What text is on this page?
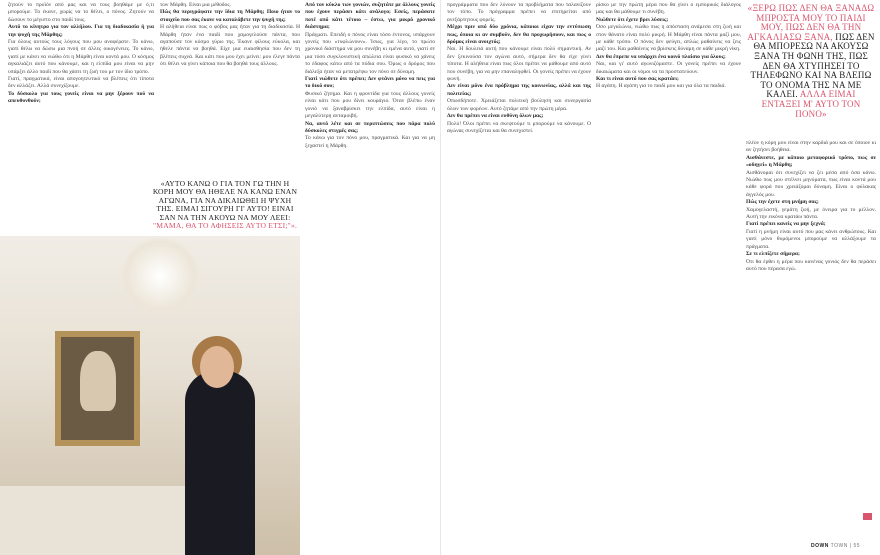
ζητούν το προϊόν από μας και να τους βοηθάμε με ό,τι μπορούμε. Το έκανε, χωρίς να το θέλει, ο πόνος. Ζητούν να δώσουν το μέγιστο στο παιδί τους.

Αυτό το κίνητρο για τον αλλήλου. Για τη διαδικασία ή για την ψυχή της Μάρθης;

Για όλους αυτούς τους λόγους που μου αναφέρατε. Το κάνω, γιατί θέλω να δώσω μια πνοή σε άλλες οικογένειες. Το κάνω, γιατί με κάνει να νιώθω ότι η Μάρθη είναι κοντά μου. Ο κόσμος αγκαλιάζει αυτό που κάνουμε, και η ελπίδα μου είναι να μην υπάρξει άλλο παιδί που θα χάσει τη ζωή του με τον ίδιο τρόπο.

Γιατί, πραγματικά, είναι απογοητευτικό να βλέπεις ότι τίποτα δεν αλλάζει. Αλλά συνεχίζουμε.

Το δύσκολο για τους γονείς είναι να μην ξέρουν πού να απευθυνθούν;

των Μάρθη. Είναι μια μέθοδος.

Πώς θα περιγράφατε την ίδια τη Μάρθη; Ποιο ήταν το στοιχείο που σας έκανε να καταλάβετε την ψυχή της;

Η αλήθεια είναι πως ο φόβος μας ήταν για τη διαδικασία. Η Μάρθη ήταν ένα παιδί που χαμογελούσε πάντα, που αγαπούσε τον κόσμο γύρω της. Έκανε φίλους εύκολα, και ήθελε πάντα να βοηθά. Είχε μια ευαισθησία που δεν τη βλέπεις συχνά. Και κάτι που μου έχει μείνει: μου έλεγε πάντα ότι θέλει να γίνει κάποια που θα βοηθά τους άλλους.

Από τον κύκλο των γονιών, συζητάτε με άλλους γονείς που έχουν περάσει κάτι ανάλογο; Εσείς, περάσατε ποτέ από κάτι τέτοιο – έστω, για μικρό χρονικό διάστημα;

Πράγματι. Επειδή ο πόνος είναι τόσο έντονος, υπάρχουν γονείς που «τυφλώνουν». Ίσως, για λίγο, το πρώτο χρονικό διάστημα να μου συνέβη κι εμένα αυτό, γιατί σε μια τόσο συγκλονιστική απώλεια είναι φυσικό να χάνεις το έδαφος κάτω από τα πόδια σου. Όμως ο δρόμος που διάλεξα ήταν να μετατρέψω τον πόνο σε δύναμη.

Γιατί νιώθετε ότι πρέπει; Δεν φτάνει μόνο να πεις για το δικό σου;

Φυσικό ζήτημα. Και η φροντίδα για τους άλλους γονείς είναι κάτι που μου δίνει κουράγιο. Όταν βλέπω έναν γονιό να ξαναβρίσκει την ελπίδα, αυτό είναι η μεγαλύτερη ανταμοιβή.

Να, αυτό λέτε και σε περιπτώσεις που πάρα πολύ δύσκολες στιγμές σας;

Το κάνω για τον πόνο μου, πραγματικά. Και για να μη ξεχαστεί η Μάρθη.

«ΑΥΤΟ ΚΑΝΩ Ο ΓΙΑ ΤΟΝ ΓΩ ΤΗΝ Η ΚΟΡΗ ΜΟΥ ΘΑ ΗΘΕΛΕ ΝΑ ΚΑΝΩ ΕΝΑΝ ΑΓΩΝΑ, ΓΙΑ ΝΑ ΔΙΚΑΙΩΘΕΙ Η ΨΥΧΗ ΤΗΣ. ΕΙΜΑΙ ΣΙΓΟΥΡΗ ΓΙ' ΑΥΤΟ! ΕΙΝΑΙ ΣΑΝ ΝΑ ΤΗΝ ΑΚΟΥΩ ΝΑ ΜΟΥ ΛΕΕΙ: "ΜΑΜΑ, ΘΑ ΤΟ ΑΦΗΣΕΙΣ ΑΥΤΟ ΕΤΣΙ;"».

προγράμματα που δεν λύνουν τα προβλήματα που ταλανίζουν τον τόπο. Το πρόγραμμα πρέπει να επιτηρείται από ανεξάρτητους φορείς.

Μέχρι πριν από δύο χρόνια, κάποιοι είχαν την εντύπωση πως, όποια κι αν συμβούν, δεν θα προχωρήσουν, και πως ο δρόμος είναι ανοιχτός;

Ναι. Η δουλειά αυτή που κάνουμε είναι πολύ σημαντική. Αν δεν ξεκινούσα τον αγώνα αυτό, σήμερα δεν θα είχε γίνει τίποτα. Η αλήθεια είναι πως όλοι πρέπει να μάθουμε από αυτό που συνέβη, για να μην επαναληφθεί. Οι γονείς πρέπει να έχουν φωνή.

Δεν είναι μόνο ένα πρόβλημα της κοινωνίας, αλλά και της πολιτείας;

Οπωσδήποτε. Χρειάζεται πολιτική βούληση και συνεργασία όλων των φορέων. Αυτό ζητάμε από την πρώτη μέρα.

Δεν θα πρέπει να είναι ευθύνη όλων μας;

Πολύ! Όλοι πρέπει να σκεφτούμε τι μπορούμε να κάνουμε. Ο αγώνας συνεχίζεται και θα συνεχιστεί.

ρίσκο με την πρώτη μέρα που θα γίνει ο εμπορικός διάλογος μας και θα μάθουμε τι συνέβη.

Νιώθετε ότι έχετε βρει λύσεις;

Όσο μεγαλώνω, νιώθω πως η απόσταση ανάμεσα στη ζωή και στον θάνατο είναι πολύ μικρή. Η Μάρθη είναι πάντα μαζί μου, με κάθε τρόπο. Ο πόνος δεν φεύγει, απλώς μαθαίνεις να ζεις μαζί του. Και μαθαίνεις να βρίσκεις δύναμη σε κάθε μικρή νίκη.

Δεν θα έπρεπε να υπάρχει ένα κοινό πλαίσιο για όλους;

Ναι, και γι' αυτό αγωνιζόμαστε. Οι γονείς πρέπει να έχουν δικαιώματα και οι νόμοι να τα προστατεύουν.

Και τι είναι αυτό που σας κρατάει;

Η αγάπη. Η αγάπη για το παιδί μου και για όλα τα παιδιά.

«ΞΕΡΩ ΠΩΣ ΔΕΝ ΘΑ ΞΑΝΑΔΩ ΜΠΡΟΣΤΑ ΜΟΥ ΤΟ ΠΑΙΔΙ ΜΟΥ, ΠΩΣ ΔΕΝ ΘΑ ΤΗΝ ΑΓΚΑΛΙΑΣΩ ΞΑΝΑ, ΠΩΣ ΔΕΝ ΘΑ ΜΠΟΡΕΣΩ ΝΑ ΑΚΟΥΣΩ ΞΑΝΑ ΤΗ ΦΩΝΗ ΤΗΣ, ΠΩΣ ΔΕΝ ΘΑ ΧΤΥΠΗΣΕΙ ΤΟ ΤΗΛΕΦΩΝΟ ΚΑΙ ΝΑ ΒΛΕΠΩ ΤΟ ΟΝΟΜΑ ΤΗΣ ΝΑ ΜΕ ΚΑΛΕΙ. ΑΛΛΑ ΕΙΜΑΙ ΕΝΤΑΞΕΙ Μ' ΑΥΤΟ ΤΟΝ ΠΟΝΟ»

πλέον η κόρη μου είναι στην καρδιά μου και σε όποιον κι αν ζητήσει βοήθεια.

Αισθάνεστε, με κάποιο μεταφορικό τρόπο, πως σε «οδηγεί» η Μάρθη;

Αισθάνομαι ότι συνεχίζει να ζει μέσα από όσα κάνω. Νιώθω πως μου στέλνει μηνύματα, πως είναι κοντά μου κάθε φορά που χρειάζομαι δύναμη. Είναι ο φύλακας άγγελός μου.

Πώς την έχετε στη μνήμη σας;

Χαμογελαστή, γεμάτη ζωή, με όνειρα για το μέλλον. Αυτή την εικόνα κρατάω πάντα.

Γιατί πρέπει κανείς να μην ξεχνά;

Γιατί η μνήμη είναι αυτό που μας κάνει ανθρώπους. Και γιατί μόνο θυμόμενοι μπορούμε να αλλάξουμε τα πράγματα.

Σε τι ελπίζετε σήμερα;

Ότι θα έρθει η μέρα που κανένας γονιός δεν θα περάσει αυτό που πέρασα εγώ.

DOWN TOWN | 55
